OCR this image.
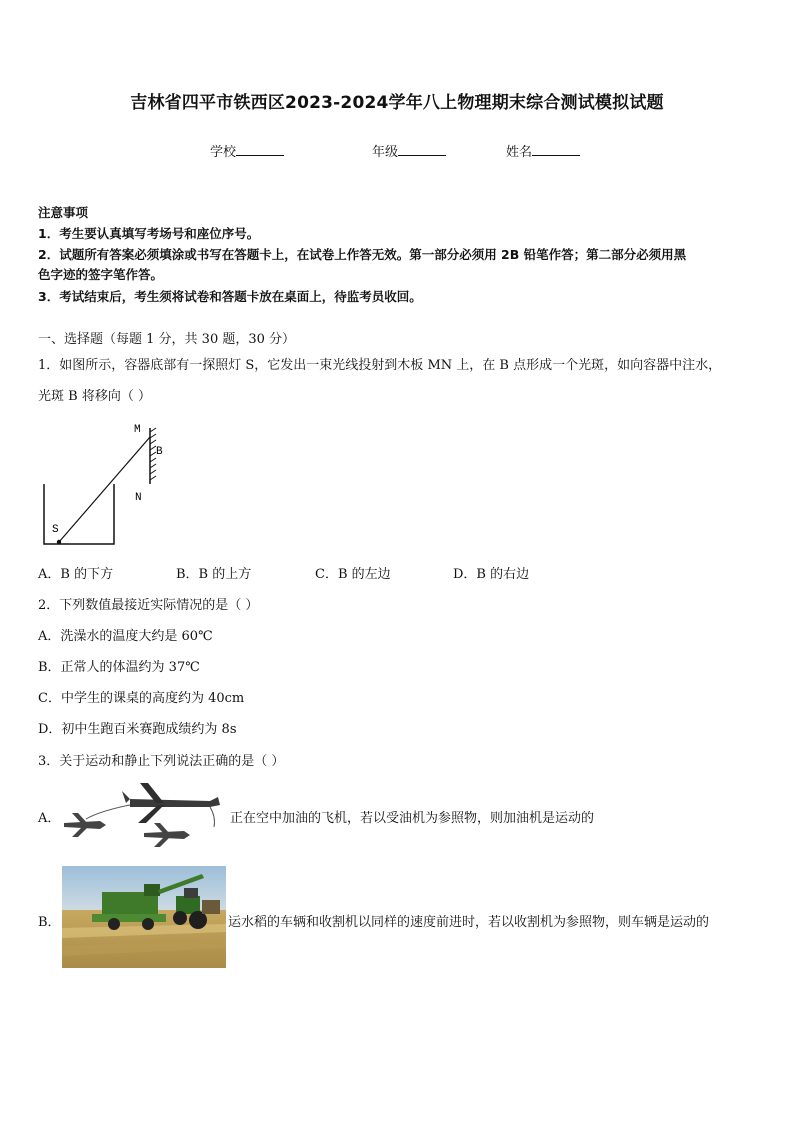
吉林省四平市铁西区2023-2024学年八上物理期末综合测试模拟试题
学校	年级	姓名
注意事项
1．考生要认真填写考场号和座位序号。
2．试题所有答案必须填涂或书写在答题卡上，在试卷上作答无效。第一部分必须用 2B 铅笔作答；第二部分必须用黑
色字迹的签字笔作答。
3．考试结束后，考生须将试卷和答题卡放在桌面上，待监考员收回。
一、选择题（每题 1 分，共 30 题，30 分）
1．如图所示，容器底部有一探照灯 S，它发出一束光线投射到木板 MN 上，在 B 点形成一个光斑，如向容器中注水，
光斑 B 将移向（ ）
M
B
N
S
A．B 的下方	B．B 的上方	C．B 的左边	D．B 的右边
2．下列数值最接近实际情况的是（ ）
A．洗澡水的温度大约是 60℃
B．正常人的体温约为 37℃
C．中学生的课桌的高度约为 40cm
D．初中生跑百米赛跑成绩约为 8s
3．关于运动和静止下列说法正确的是（ ）
A．	正在空中加油的飞机，若以受油机为参照物，则加油机是运动的
B．	运水稻的车辆和收割机以同样的速度前进时，若以收割机为参照物，则车辆是运动的
